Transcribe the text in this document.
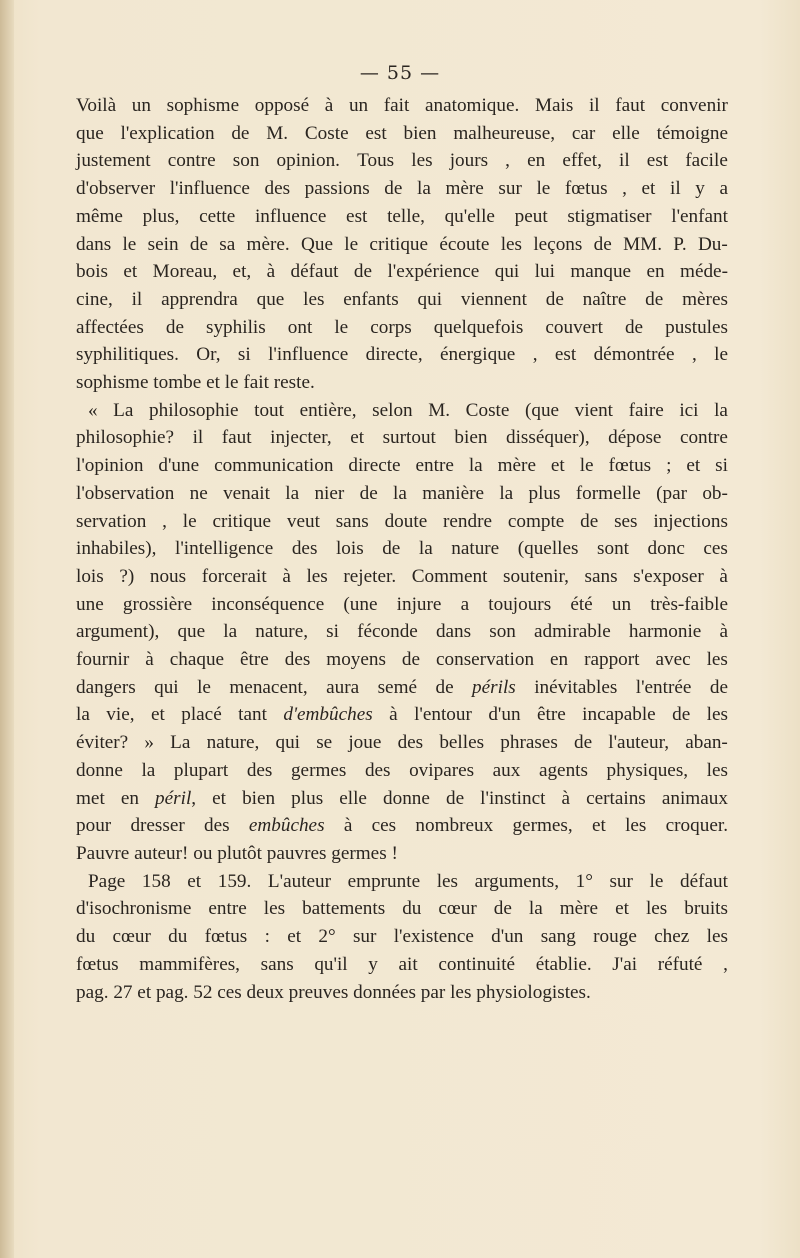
— 55 —
Voilà un sophisme opposé à un fait anatomique. Mais il faut convenir
que l'explication de M. Coste est bien malheureuse, car elle témoigne
justement contre son opinion. Tous les jours , en effet, il est facile
d'observer l'influence des passions de la mère sur le fœtus , et il y a
même plus, cette influence est telle, qu'elle peut stigmatiser l'enfant
dans le sein de sa mère. Que le critique écoute les leçons de MM. P. Du-
bois et Moreau, et, à défaut de l'expérience qui lui manque en méde-
cine, il apprendra que les enfants qui viennent de naître de mères
affectées de syphilis ont le corps quelquefois couvert de pustules
syphilitiques. Or, si l'influence directe, énergique , est démontrée , le
sophisme
tombe
et
le
fait
reste.
« La philosophie tout entière, selon M. Coste (que vient faire ici la
philosophie? il faut injecter, et surtout bien disséquer), dépose contre
l'opinion d'une communication directe entre la mère et le fœtus ; et si
l'observation ne venait la nier de la manière la plus formelle (par ob-
servation , le critique veut sans doute rendre compte de ses injections
inhabiles), l'intelligence des lois de la nature (quelles sont donc ces
lois ?) nous forcerait à les rejeter. Comment soutenir, sans s'exposer à
une grossière inconséquence (une injure a toujours été un très-faible
argument), que la nature, si féconde dans son admirable harmonie à
fournir à chaque être des moyens de conservation en rapport avec les
dangers qui le menacent, aura semé de périls inévitables l'entrée de
la vie, et placé tant d'embûches à l'entour d'un être incapable de les
éviter? » La nature, qui se joue des belles phrases de l'auteur, aban-
donne la plupart des germes des ovipares aux agents physiques, les
met en péril, et bien plus elle donne de l'instinct à certains animaux
pour dresser des embûches à ces nombreux germes, et les croquer.
Pauvre
auteur!
ou
plutôt
pauvres
germes
!
Page 158 et 159. L'auteur emprunte les arguments, 1° sur le défaut
d'isochronisme entre les battements du cœur de la mère et les bruits
du cœur du fœtus : et 2° sur l'existence d'un sang rouge chez les
fœtus mammifères, sans qu'il y ait continuité établie. J'ai réfuté ,
pag.
27
et
pag.
52
ces
deux
preuves
données
par
les
physiologistes.
